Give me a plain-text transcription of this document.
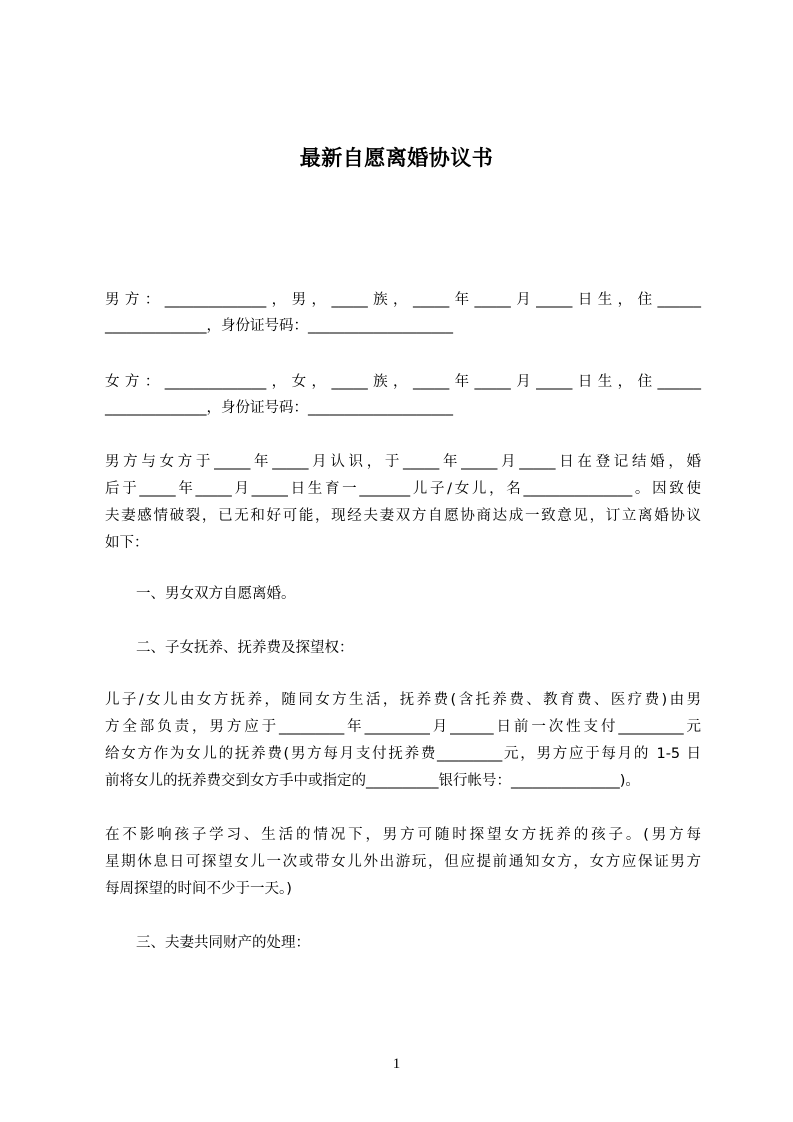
最新自愿离婚协议书
男方：______________，男，_____族，_____年_____月_____日生，住______
______________，身份证号码：____________________
女方：______________，女，_____族，_____年_____月_____日生，住______
______________，身份证号码：____________________
男方与女方于_____年_____月认识，于_____年_____月_____日在登记结婚，婚
后于_____年_____月_____日生育一_______儿子/女儿，名_______________。因致使
夫妻感情破裂，已无和好可能，现经夫妻双方自愿协商达成一致意见，订立离婚协议
如下：
一、男女双方自愿离婚。
二、子女抚养、抚养费及探望权：
儿子/女儿由女方抚养，随同女方生活，抚养费(含托养费、教育费、医疗费)由男
方全部负责，男方应于_________年_________月______日前一次性支付_________元
给女方作为女儿的抚养费(男方每月支付抚养费_________元，男方应于每月的 1-5 日
前将女儿的抚养费交到女方手中或指定的__________银行帐号：_______________)。
在不影响孩子学习、生活的情况下，男方可随时探望女方抚养的孩子。(男方每
星期休息日可探望女儿一次或带女儿外出游玩，但应提前通知女方，女方应保证男方
每周探望的时间不少于一天。)
三、夫妻共同财产的处理：
1
